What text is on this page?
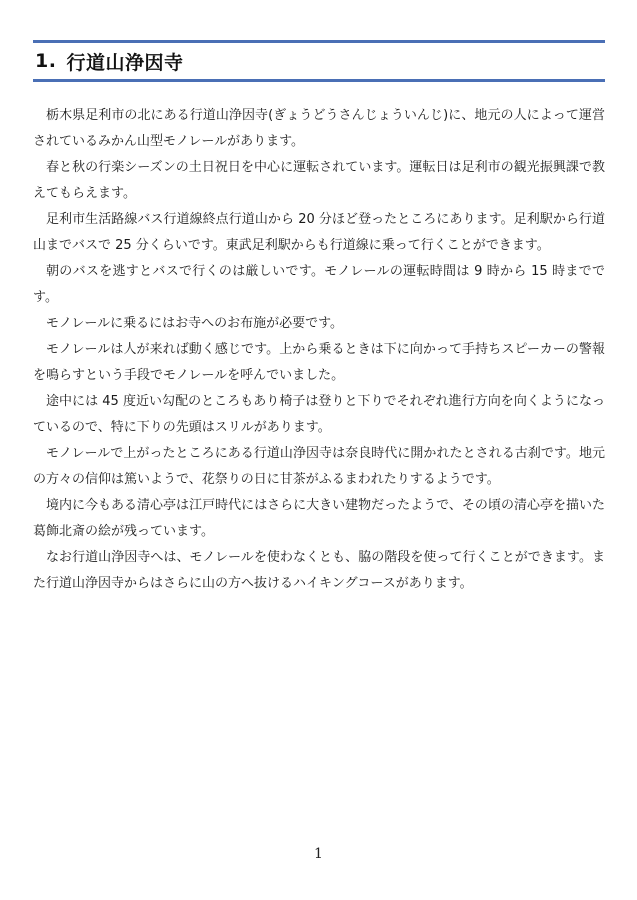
1. 行道山浄因寺

栃木県足利市の北にある行道山浄因寺(ぎょうどうさんじょういんじ)に、地元の人によって運営されているみかん山型モノレールがあります。

春と秋の行楽シーズンの土日祝日を中心に運転されています。運転日は足利市の観光振興課で教えてもらえます。

足利市生活路線バス行道線終点行道山から 20 分ほど登ったところにあります。足利駅から行道山までバスで 25 分くらいです。東武足利駅からも行道線に乗って行くことができます。

朝のバスを逃すとバスで行くのは厳しいです。モノレールの運転時間は 9 時から 15 時までです。

モノレールに乗るにはお寺へのお布施が必要です。

モノレールは人が来れば動く感じです。上から乗るときは下に向かって手持ちスピーカーの警報を鳴らすという手段でモノレールを呼んでいました。

途中には 45 度近い勾配のところもあり椅子は登りと下りでそれぞれ進行方向を向くようになっているので、特に下りの先頭はスリルがあります。

モノレールで上がったところにある行道山浄因寺は奈良時代に開かれたとされる古刹です。地元の方々の信仰は篤いようで、花祭りの日に甘茶がふるまわれたりするようです。

境内に今もある清心亭は江戸時代にはさらに大きい建物だったようで、その頃の清心亭を描いた葛飾北斎の絵が残っています。

なお行道山浄因寺へは、モノレールを使わなくとも、脇の階段を使って行くことができます。また行道山浄因寺からはさらに山の方へ抜けるハイキングコースがあります。

1
